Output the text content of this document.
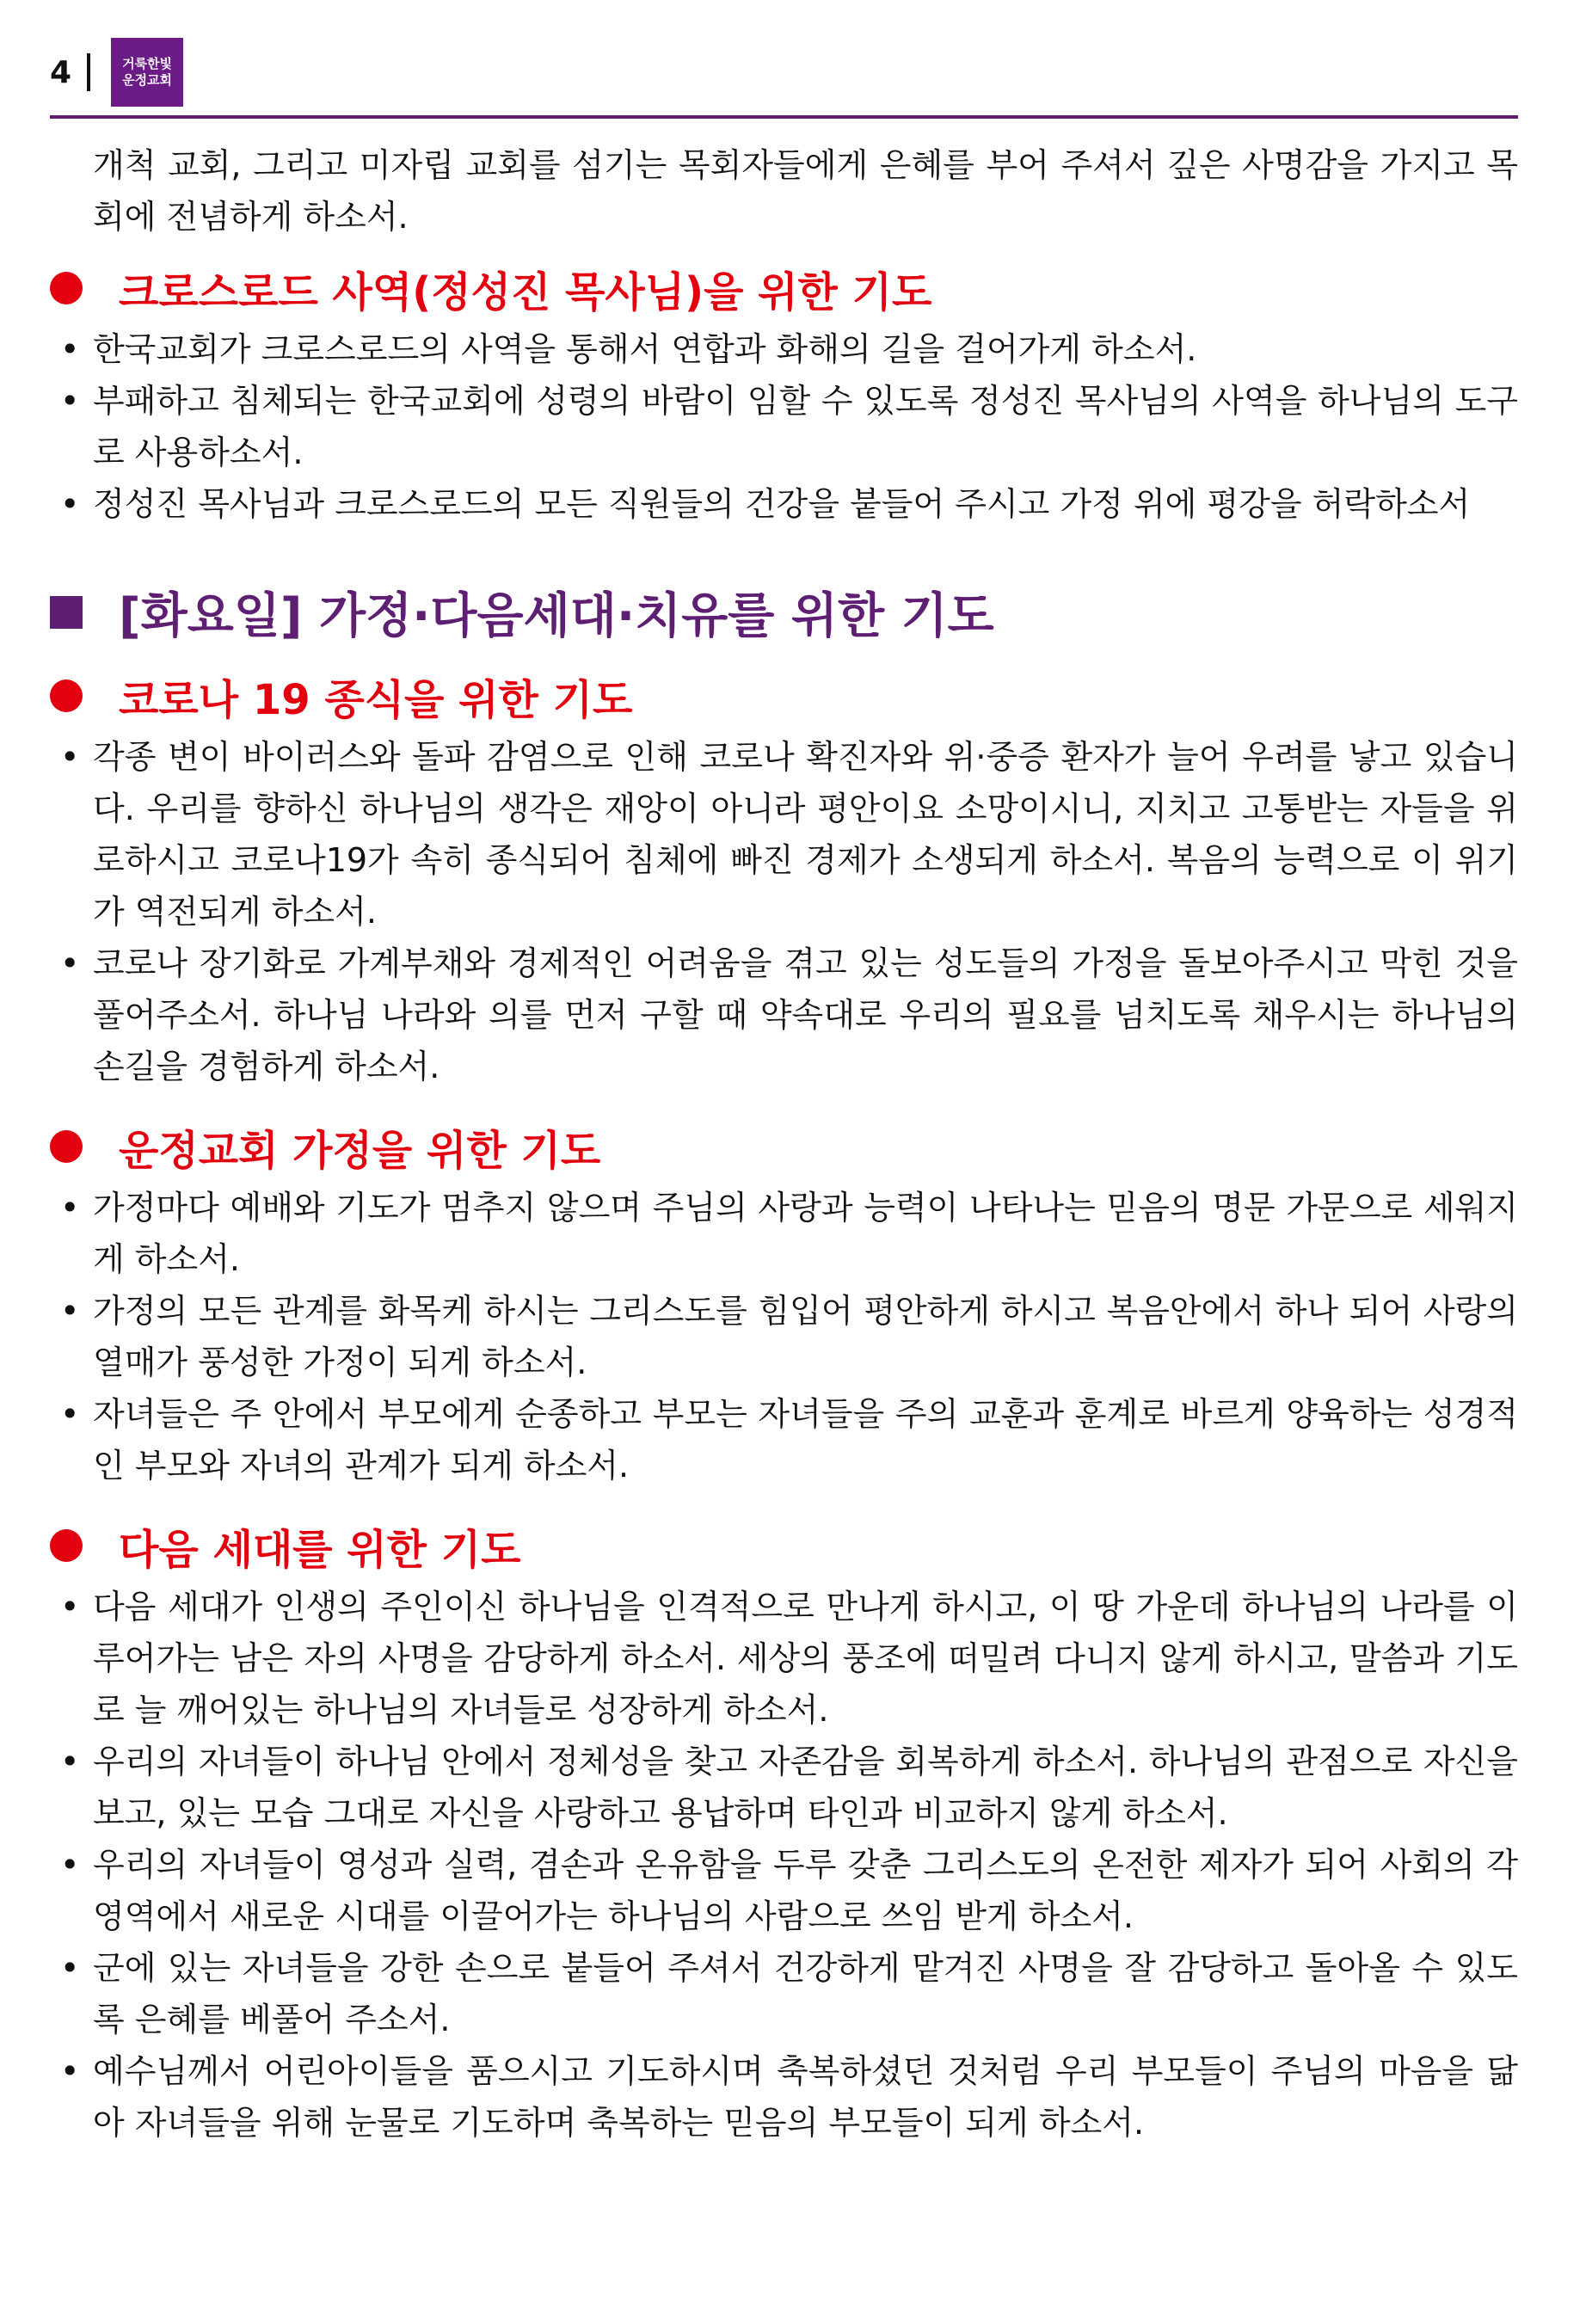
4	거룩한빛
운정교회

개척 교회, 그리고 미자립 교회를 섬기는 목회자들에게 은혜를 부어 주셔서 깊은 사명감을 가지고 목회에 전념하게 하소서.

크로스로드 사역(정성진 목사님)을 위한 기도
• 한국교회가 크로스로드의 사역을 통해서 연합과 화해의 길을 걸어가게 하소서.
• 부패하고 침체되는 한국교회에 성령의 바람이 임할 수 있도록 정성진 목사님의 사역을 하나님의 도구로 사용하소서.
• 정성진 목사님과 크로스로드의 모든 직원들의 건강을 붙들어 주시고 가정 위에 평강을 허락하소서
[화요일] 가정·다음세대·치유를 위한 기도
코로나 19 종식을 위한 기도
• 각종 변이 바이러스와 돌파 감염으로 인해 코로나 확진자와 위·중증 환자가 늘어 우려를 낳고 있습니다. 우리를 향하신 하나님의 생각은 재앙이 아니라 평안이요 소망이시니, 지치고 고통받는 자들을 위로하시고 코로나19가 속히 종식되어 침체에 빠진 경제가 소생되게 하소서. 복음의 능력으로 이 위기가 역전되게 하소서.
• 코로나 장기화로 가계부채와 경제적인 어려움을 겪고 있는 성도들의 가정을 돌보아주시고 막힌 것을 풀어주소서. 하나님 나라와 의를 먼저 구할 때 약속대로 우리의 필요를 넘치도록 채우시는 하나님의 손길을 경험하게 하소서.
운정교회 가정을 위한 기도
• 가정마다 예배와 기도가 멈추지 않으며 주님의 사랑과 능력이 나타나는 믿음의 명문 가문으로 세워지게 하소서.
• 가정의 모든 관계를 화목케 하시는 그리스도를 힘입어 평안하게 하시고 복음안에서 하나 되어 사랑의 열매가 풍성한 가정이 되게 하소서.
• 자녀들은 주 안에서 부모에게 순종하고 부모는 자녀들을 주의 교훈과 훈계로 바르게 양육하는 성경적인 부모와 자녀의 관계가 되게 하소서.
다음 세대를 위한 기도
• 다음 세대가 인생의 주인이신 하나님을 인격적으로 만나게 하시고, 이 땅 가운데 하나님의 나라를 이루어가는 남은 자의 사명을 감당하게 하소서. 세상의 풍조에 떠밀려 다니지 않게 하시고, 말씀과 기도로 늘 깨어있는 하나님의 자녀들로 성장하게 하소서.
• 우리의 자녀들이 하나님 안에서 정체성을 찾고 자존감을 회복하게 하소서. 하나님의 관점으로 자신을 보고, 있는 모습 그대로 자신을 사랑하고 용납하며 타인과 비교하지 않게 하소서.
• 우리의 자녀들이 영성과 실력, 겸손과 온유함을 두루 갖춘 그리스도의 온전한 제자가 되어 사회의 각 영역에서 새로운 시대를 이끌어가는 하나님의 사람으로 쓰임 받게 하소서.
• 군에 있는 자녀들을 강한 손으로 붙들어 주셔서 건강하게 맡겨진 사명을 잘 감당하고 돌아올 수 있도록 은혜를 베풀어 주소서.
• 예수님께서 어린아이들을 품으시고 기도하시며 축복하셨던 것처럼 우리 부모들이 주님의 마음을 닮아 자녀들을 위해 눈물로 기도하며 축복하는 믿음의 부모들이 되게 하소서.
